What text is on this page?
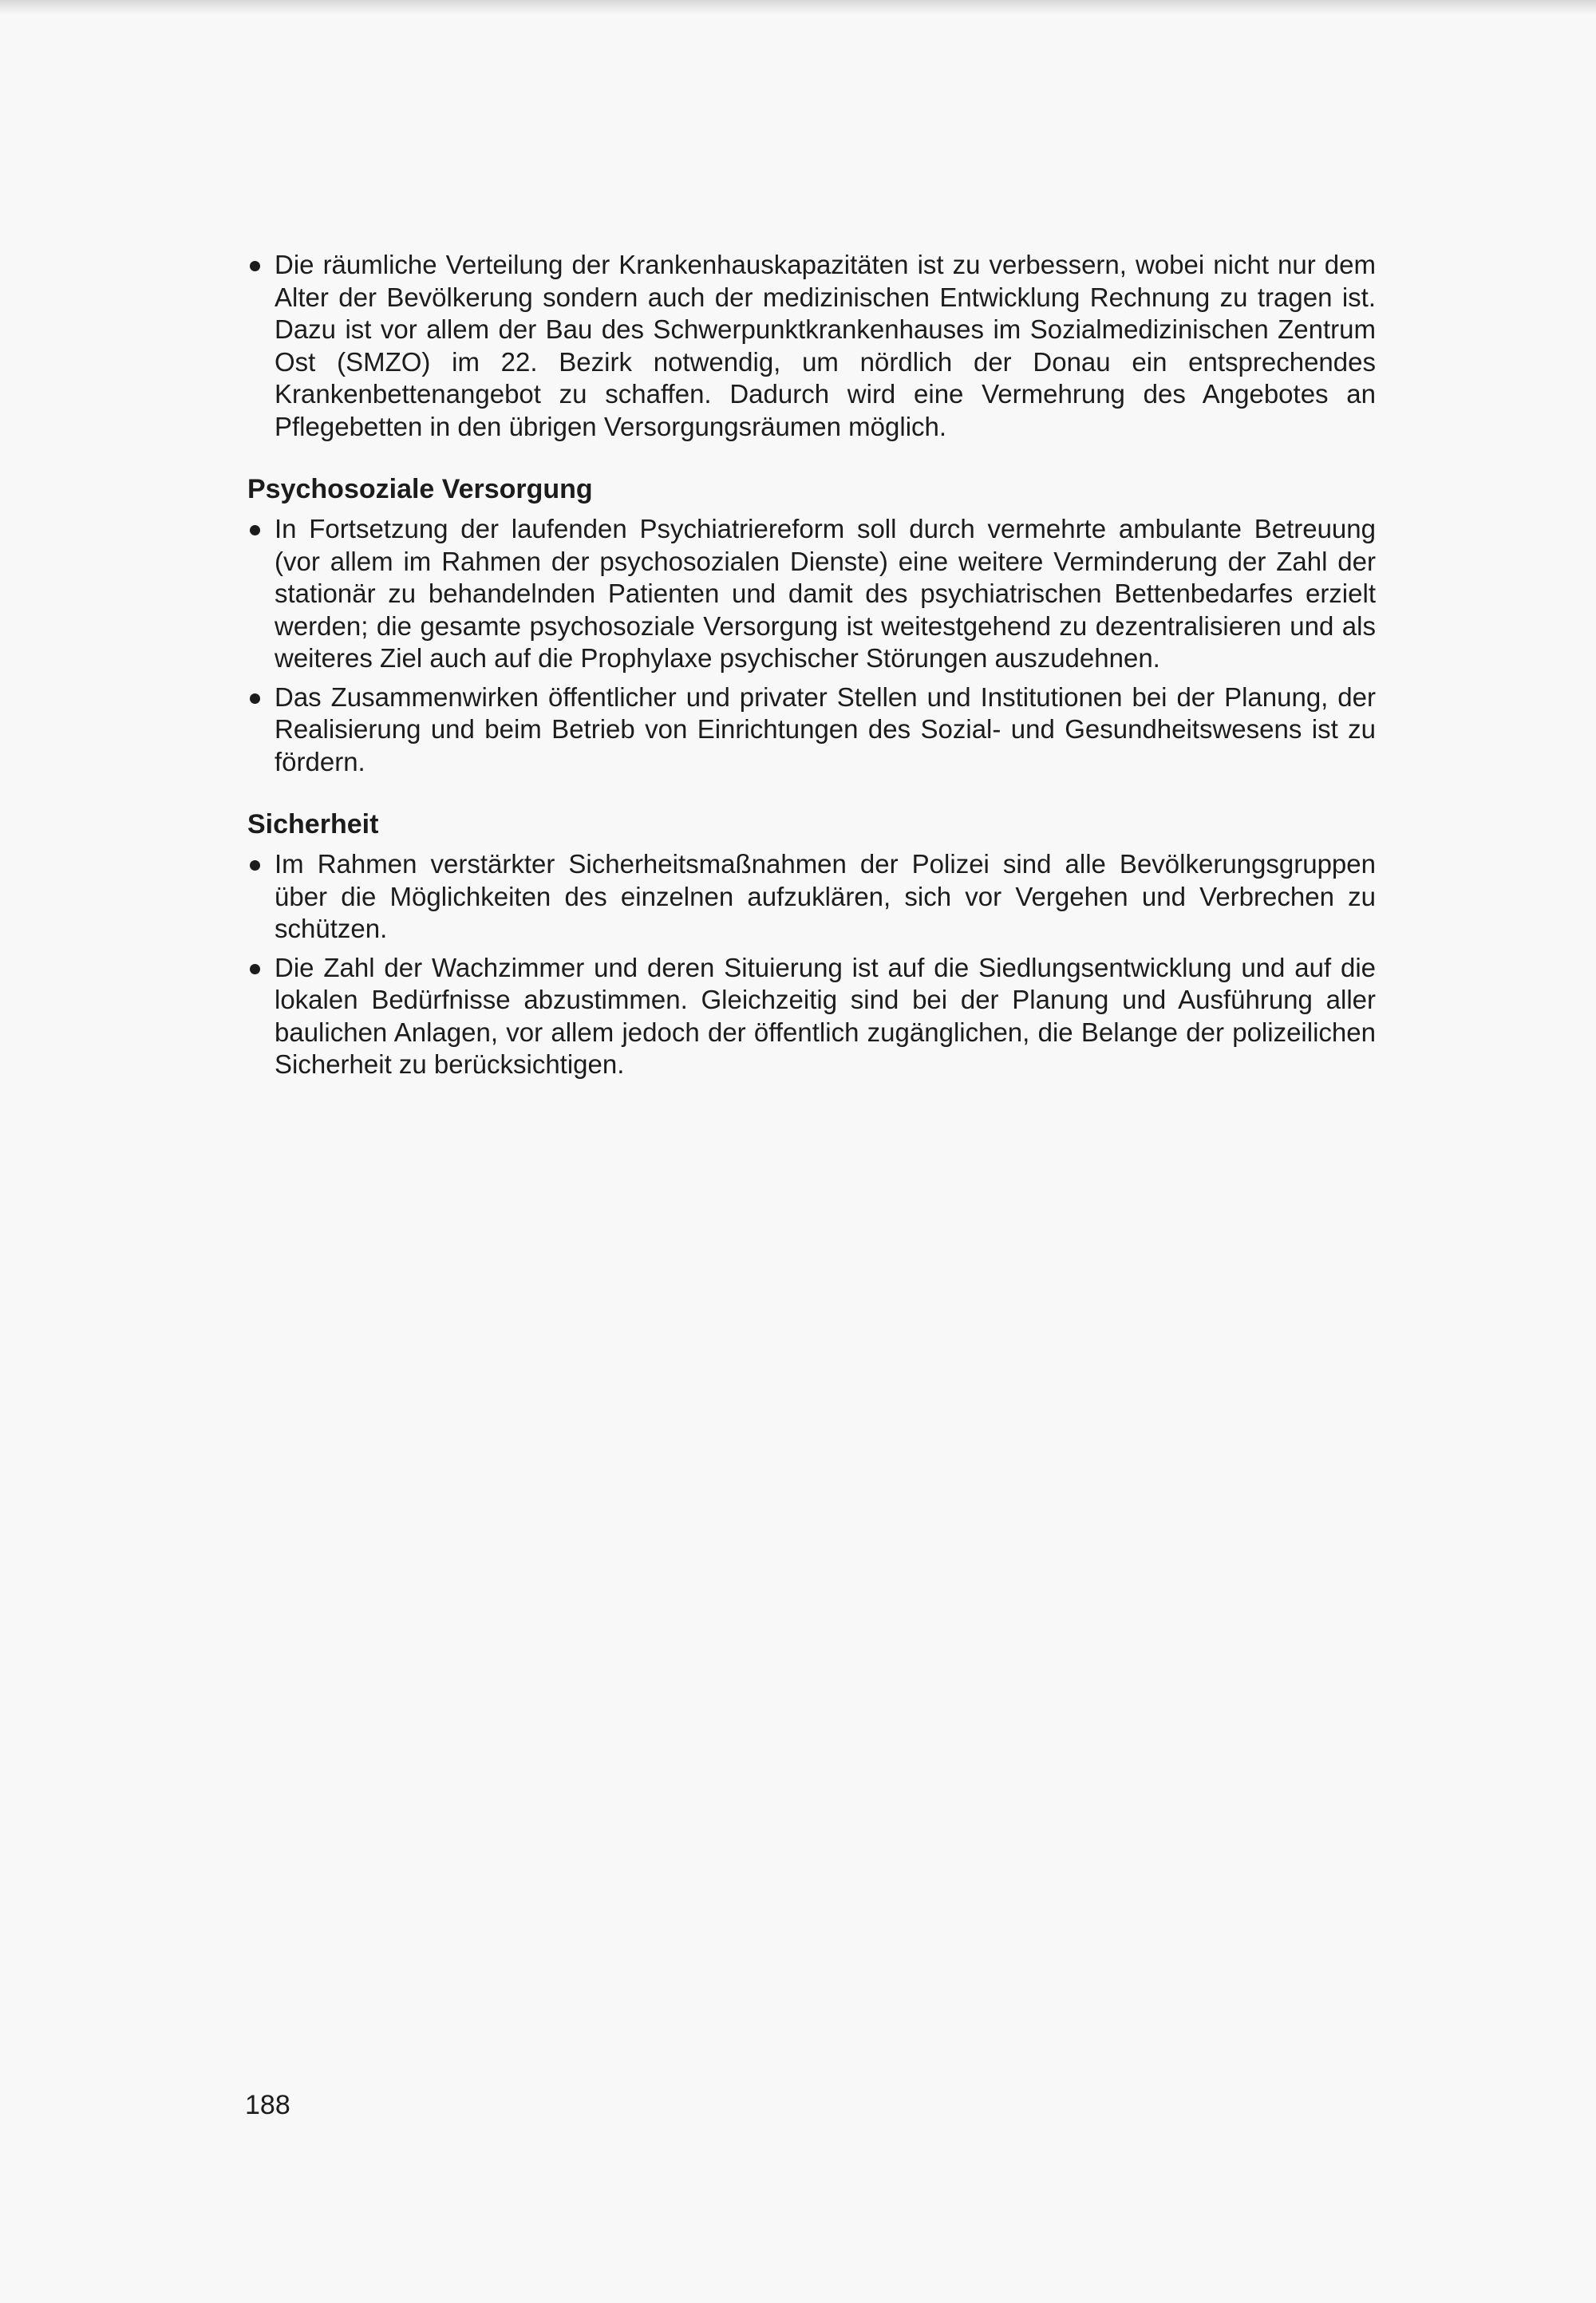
Die räumliche Verteilung der Krankenhauskapazitäten ist zu verbessern, wobei nicht nur dem Alter der Bevölkerung sondern auch der medizinischen Entwicklung Rechnung zu tragen ist. Dazu ist vor allem der Bau des Schwerpunktkrankenhauses im Sozialmedizinischen Zentrum Ost (SMZO) im 22. Bezirk notwendig, um nördlich der Donau ein entsprechendes Krankenbettenangebot zu schaffen. Dadurch wird eine Vermehrung des Angebotes an Pflegebetten in den übrigen Versorgungsräumen möglich.
Psychosoziale Versorgung
In Fortsetzung der laufenden Psychiatriereform soll durch vermehrte ambulante Betreuung (vor allem im Rahmen der psychosozialen Dienste) eine weitere Verminderung der Zahl der stationär zu behandelnden Patienten und damit des psychiatrischen Bettenbedarfes erzielt werden; die gesamte psychosoziale Versorgung ist weitestgehend zu dezentralisieren und als weiteres Ziel auch auf die Prophylaxe psychischer Störungen auszudehnen.
Das Zusammenwirken öffentlicher und privater Stellen und Institutionen bei der Planung, der Realisierung und beim Betrieb von Einrichtungen des Sozial- und Gesundheitswesens ist zu fördern.
Sicherheit
Im Rahmen verstärkter Sicherheitsmaßnahmen der Polizei sind alle Bevölkerungsgruppen über die Möglichkeiten des einzelnen aufzuklären, sich vor Vergehen und Verbrechen zu schützen.
Die Zahl der Wachzimmer und deren Situierung ist auf die Siedlungsentwicklung und auf die lokalen Bedürfnisse abzustimmen. Gleichzeitig sind bei der Planung und Ausführung aller baulichen Anlagen, vor allem jedoch der öffentlich zugänglichen, die Belange der polizeilichen Sicherheit zu berücksichtigen.
188
